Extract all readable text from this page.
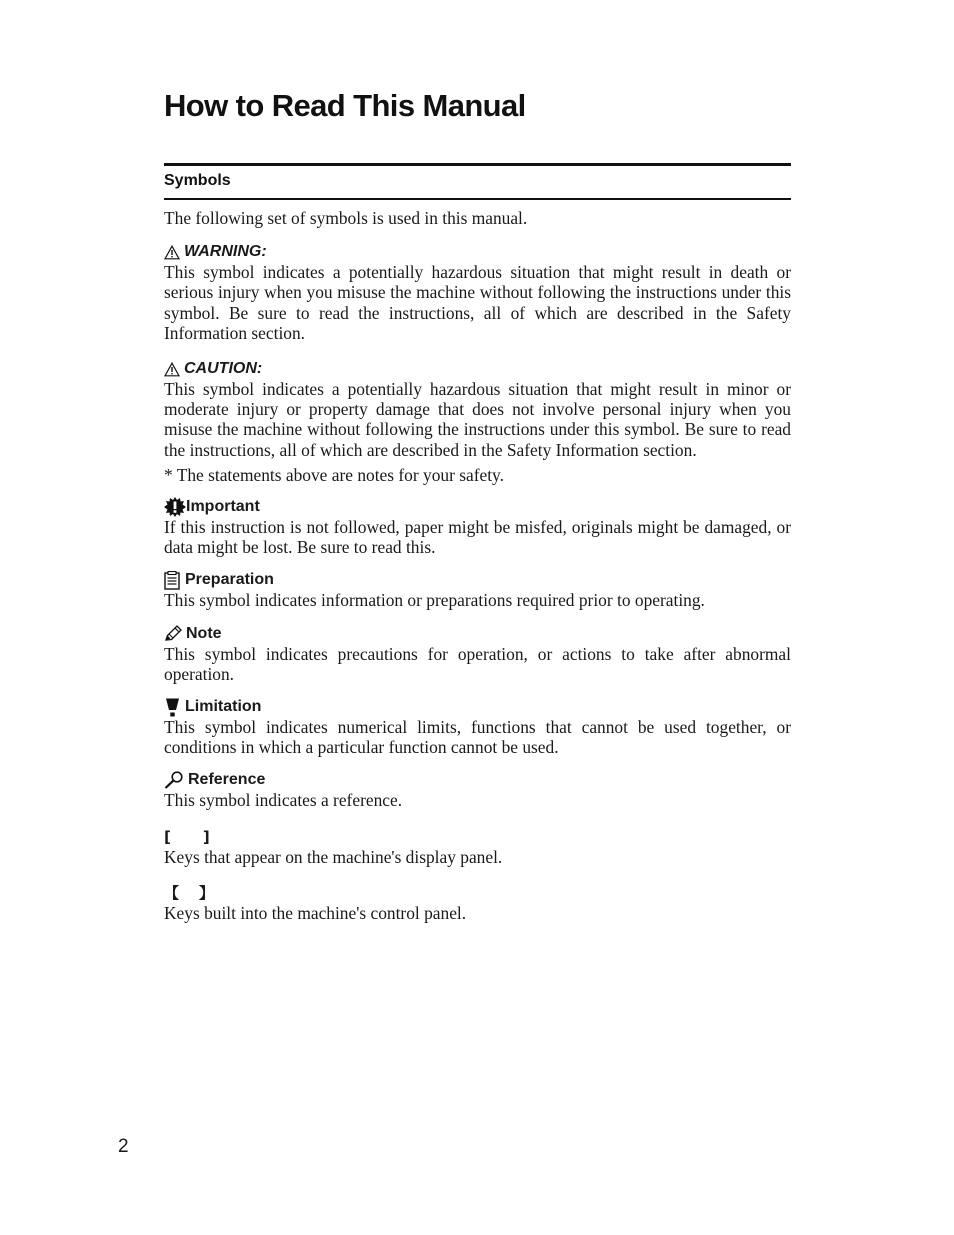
How to Read This Manual
Symbols

The following set of symbols is used in this manual.

WARNING:

This symbol indicates a potentially hazardous situation that might result in death or serious injury when you misuse the machine without following the instructions under this symbol. Be sure to read the instructions, all of which are described in the Safety Information section.

CAUTION:

This symbol indicates a potentially hazardous situation that might result in minor or moderate injury or property damage that does not involve personal injury when you misuse the machine without following the instructions under this symbol. Be sure to read the instructions, all of which are described in the Safety Information section.

* The statements above are notes for your safety.

Important

If this instruction is not followed, paper might be misfed, originals might be damaged, or data might be lost. Be sure to read this.

Preparation

This symbol indicates information or preparations required prior to operating.

Note

This symbol indicates precautions for operation, or actions to take after abnormal operation.

Limitation

This symbol indicates numerical limits, functions that cannot be used together, or conditions in which a particular function cannot be used.

Reference

This symbol indicates a reference.

[ ]

Keys that appear on the machine's display panel.

【 】

Keys built into the machine's control panel.

2
